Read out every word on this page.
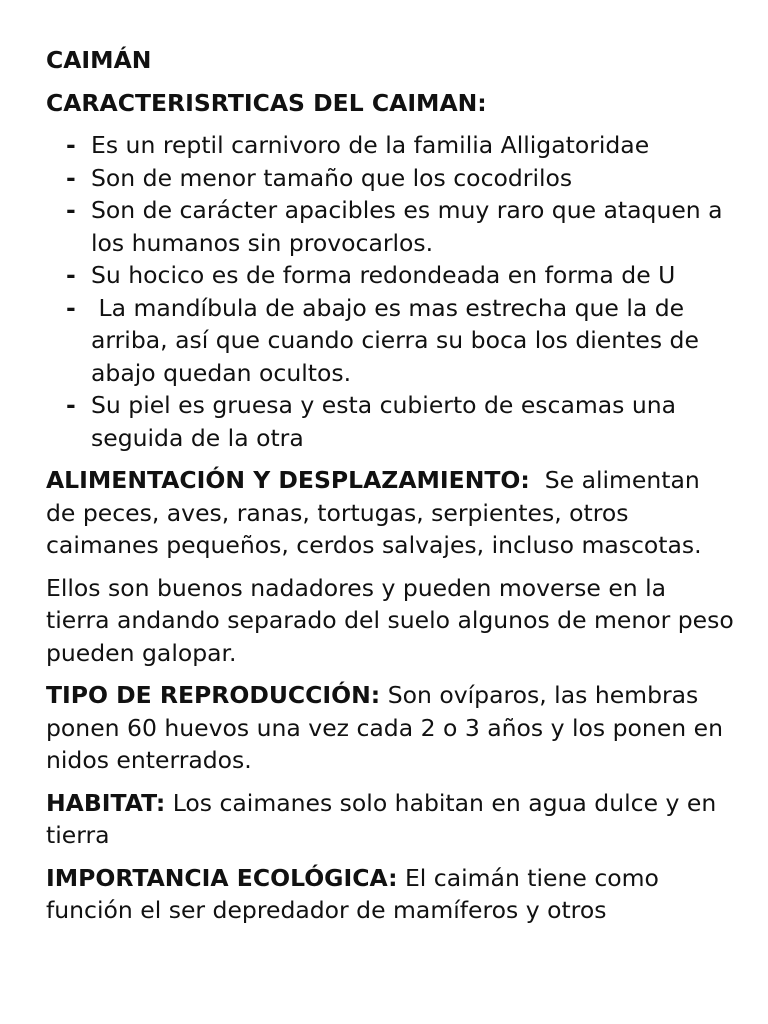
CAIMÁN
CARACTERISRTICAS DEL CAIMAN:
- Es un reptil carnivoro de la familia Alligatoridae
- Son de menor tamaño que los cocodrilos
- Son de carácter apacibles es muy raro que ataquen a los humanos sin provocarlos.
- Su hocico es de forma redondeada en forma de U
- La mandíbula de abajo es mas estrecha que la de arriba, así que cuando cierra su boca los dientes de abajo quedan ocultos.
- Su piel es gruesa y esta cubierto de escamas una seguida de la otra

ALIMENTACIÓN Y DESPLAZAMIENTO:  Se alimentan de peces, aves, ranas, tortugas, serpientes, otros caimanes pequeños, cerdos salvajes, incluso mascotas.

Ellos son buenos nadadores y pueden moverse en la tierra andando separado del suelo algunos de menor peso pueden galopar.

TIPO DE REPRODUCCIÓN: Son ovíparos, las hembras ponen 60 huevos una vez cada 2 o 3 años y los ponen en nidos enterrados.

HABITAT: Los caimanes solo habitan en agua dulce y en tierra

IMPORTANCIA ECOLÓGICA: El caimán tiene como función el ser depredador de mamíferos y otros
